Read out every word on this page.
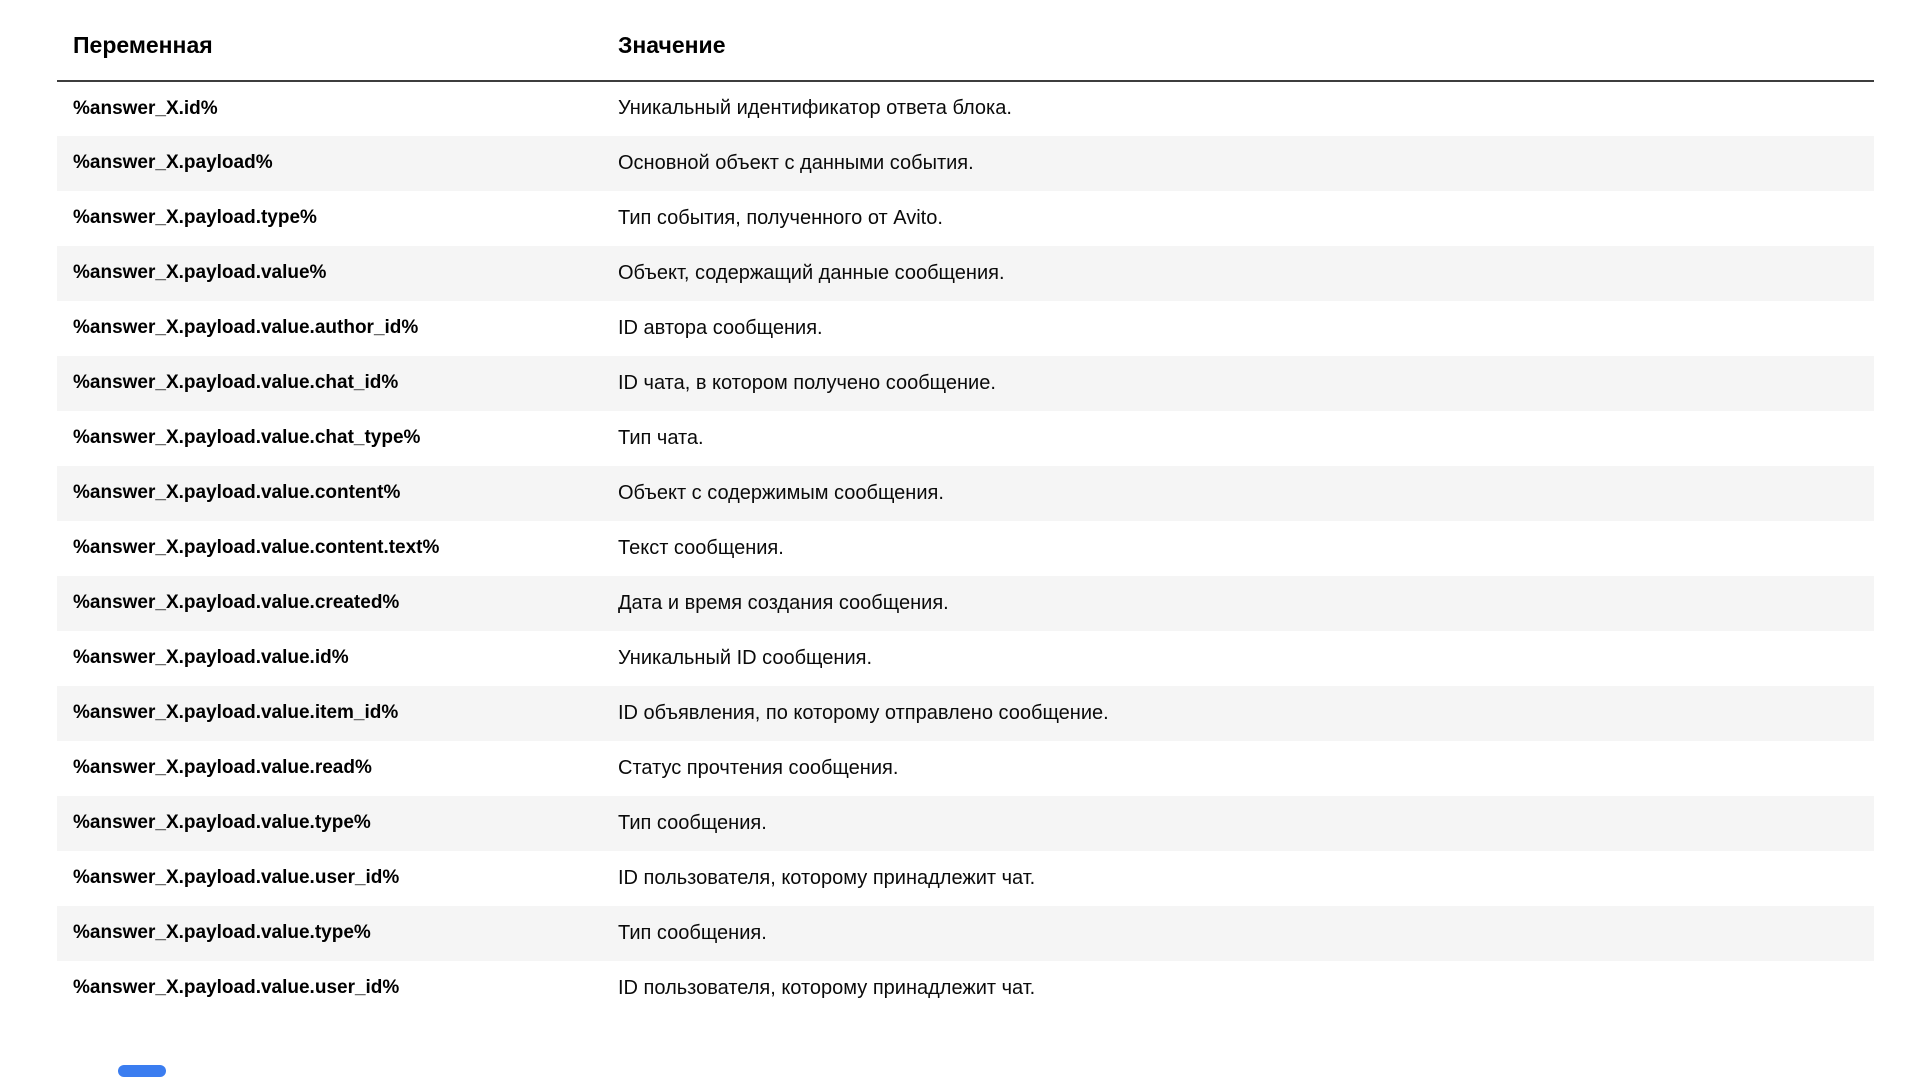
Переменная	Значение
%answer_X.id%	Уникальный идентификатор ответа блока.
%answer_X.payload%	Основной объект с данными события.
%answer_X.payload.type%	Тип события, полученного от Avito.
%answer_X.payload.value%	Объект, содержащий данные сообщения.
%answer_X.payload.value.author_id%	ID автора сообщения.
%answer_X.payload.value.chat_id%	ID чата, в котором получено сообщение.
%answer_X.payload.value.chat_type%	Тип чата.
%answer_X.payload.value.content%	Объект с содержимым сообщения.
%answer_X.payload.value.content.text%	Текст сообщения.
%answer_X.payload.value.created%	Дата и время создания сообщения.
%answer_X.payload.value.id%	Уникальный ID сообщения.
%answer_X.payload.value.item_id%	ID объявления, по которому отправлено сообщение.
%answer_X.payload.value.read%	Статус прочтения сообщения.
%answer_X.payload.value.type%	Тип сообщения.
%answer_X.payload.value.user_id%	ID пользователя, которому принадлежит чат.
%answer_X.payload.value.type%	Тип сообщения.
%answer_X.payload.value.user_id%	ID пользователя, которому принадлежит чат.
